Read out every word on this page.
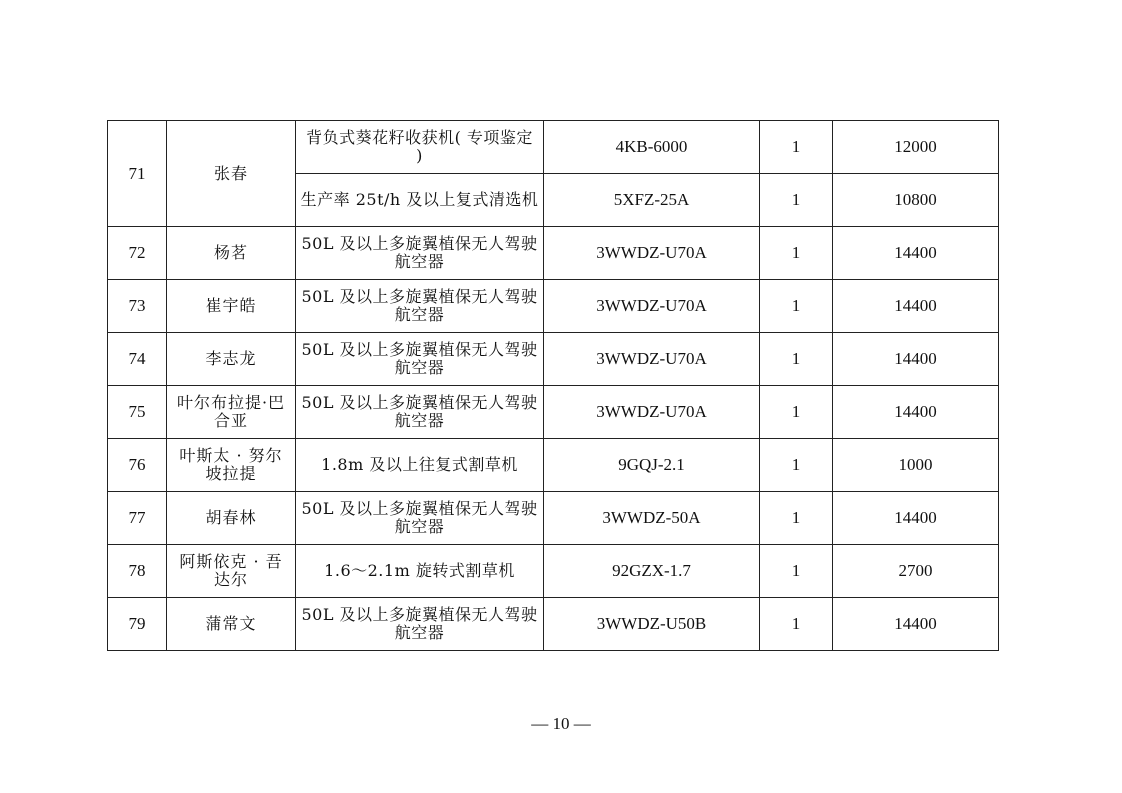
71	张春	背负式葵花籽收获机( 专项鉴定 )	4KB-6000	1	12000
		生产率 25t/h 及以上复式清选机	5XFZ-25A	1	10800
72	杨茗	50L 及以上多旋翼植保无人驾驶航空器	3WWDZ-U70A	1	14400
73	崔宇皓	50L 及以上多旋翼植保无人驾驶航空器	3WWDZ-U70A	1	14400
74	李志龙	50L 及以上多旋翼植保无人驾驶航空器	3WWDZ-U70A	1	14400
75	叶尔布拉提·巴合亚	50L 及以上多旋翼植保无人驾驶航空器	3WWDZ-U70A	1	14400
76	叶斯太 · 努尔坡拉提	1.8m 及以上往复式割草机	9GQJ-2.1	1	1000
77	胡春林	50L 及以上多旋翼植保无人驾驶航空器	3WWDZ-50A	1	14400
78	阿斯依克 · 吾达尔	1.6～2.1m 旋转式割草机	92GZX-1.7	1	2700
79	蒲常文	50L 及以上多旋翼植保无人驾驶航空器	3WWDZ-U50B	1	14400
— 10 —
